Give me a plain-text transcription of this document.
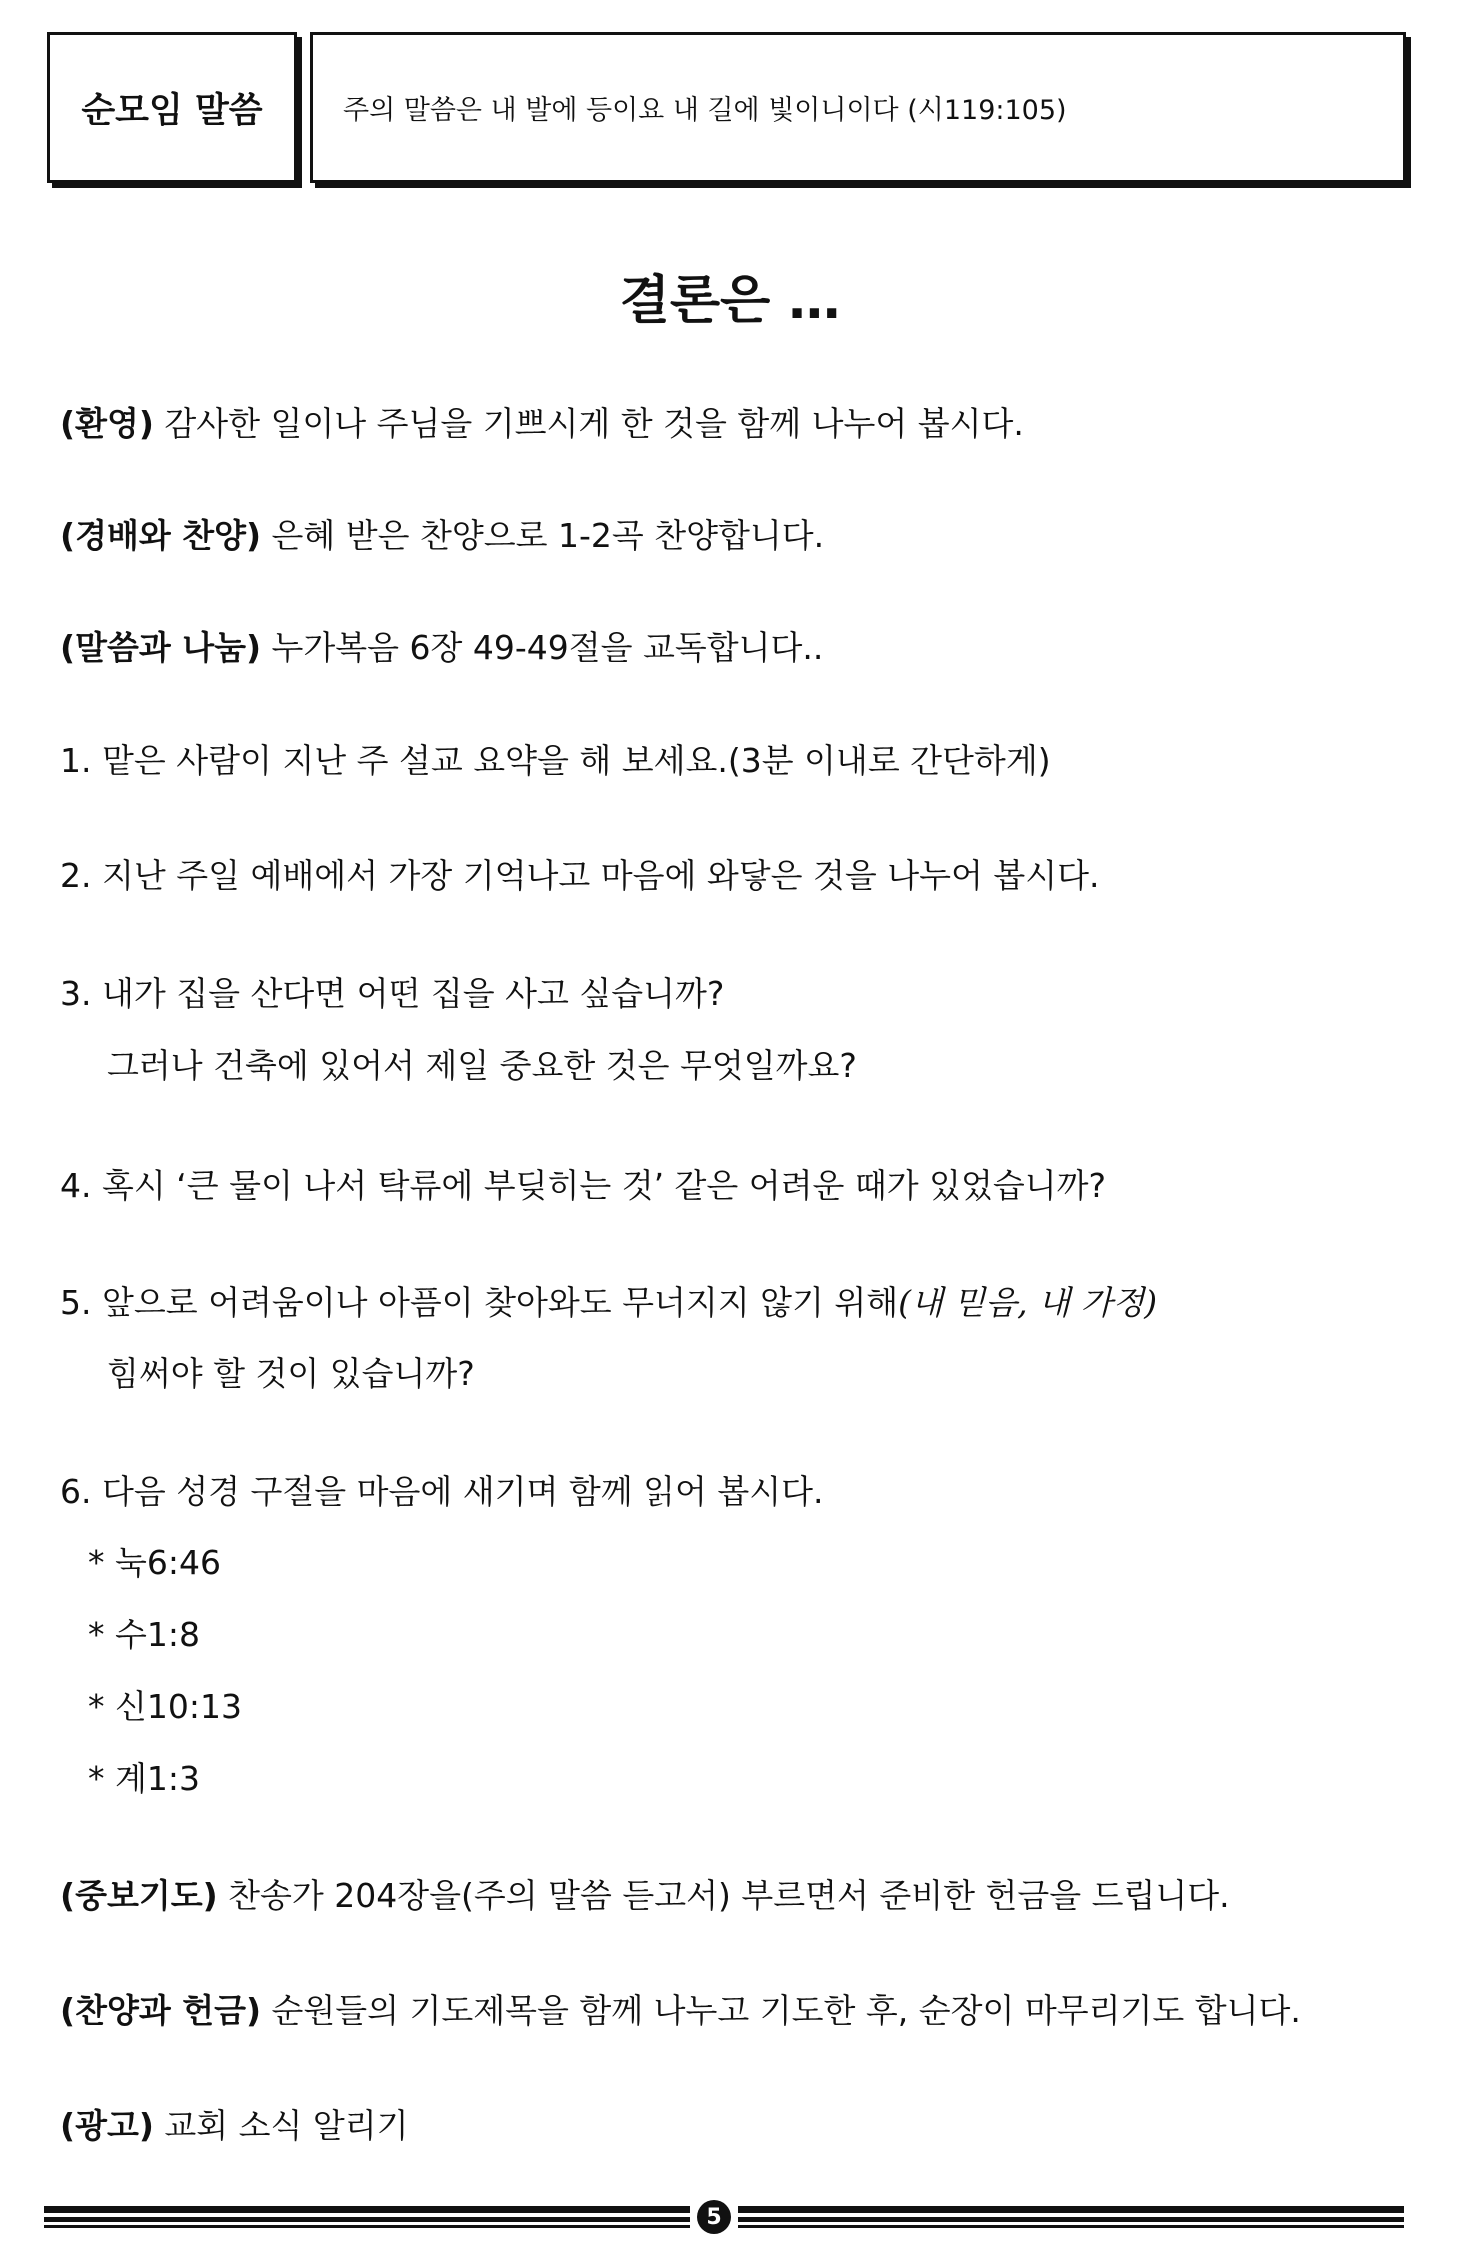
순모임 말씀	주의 말씀은 내 발에 등이요 내 길에 빛이니이다 (시119:105)
결론은 …
(환영) 감사한 일이나 주님을 기쁘시게 한 것을 함께 나누어 봅시다.
(경배와 찬양) 은혜 받은 찬양으로 1-2곡 찬양합니다.
(말씀과 나눔) 누가복음 6장 49-49절을 교독합니다..
1. 맡은 사람이 지난 주 설교 요약을 해 보세요.(3분 이내로 간단하게)
2. 지난 주일 예배에서 가장 기억나고 마음에 와닿은 것을 나누어 봅시다.
3. 내가 집을 산다면 어떤 집을 사고 싶습니까?
그러나 건축에 있어서 제일 중요한 것은 무엇일까요?
4. 혹시 ‘큰 물이 나서 탁류에 부딪히는 것’ 같은 어려운 때가 있었습니까?
5. 앞으로 어려움이나 아픔이 찾아와도 무너지지 않기 위해(내 믿음, 내 가정)
힘써야 할 것이 있습니까?
6. 다음 성경 구절을 마음에 새기며 함께 읽어 봅시다.
* 눅6:46
* 수1:8
* 신10:13
* 계1:3
(중보기도) 찬송가 204장을(주의 말씀 듣고서) 부르면서 준비한 헌금을 드립니다.
(찬양과 헌금) 순원들의 기도제목을 함께 나누고 기도한 후, 순장이 마무리기도 합니다.
(광고) 교회 소식 알리기
5
